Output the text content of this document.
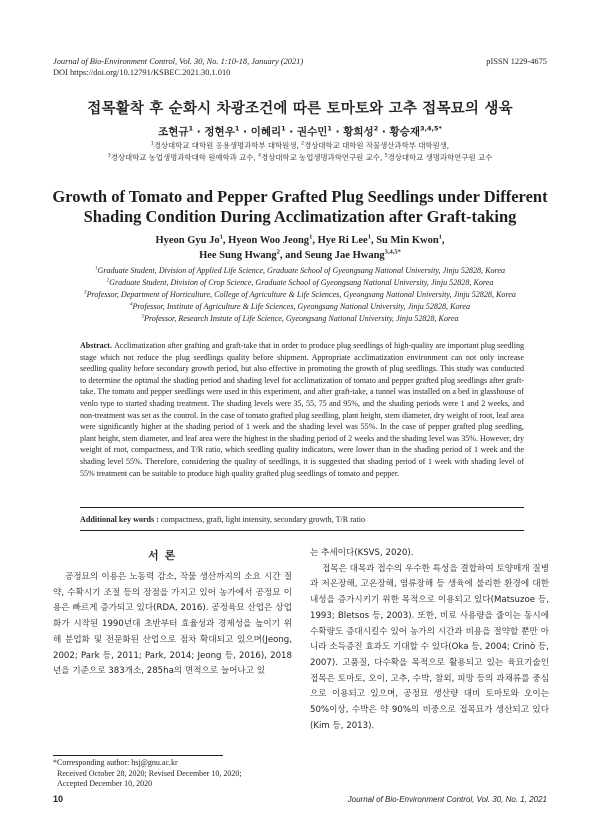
Journal of Bio-Environment Control, Vol. 30, No. 1:10-18, January (2021)
DOI https://doi.org/10.12791/KSBEC.2021.30.1.010
pISSN 1229-4675
접목활착 후 순화시 차광조건에 따른 토마토와 고추 접목묘의 생육
조현규$^1$ · 정현우$^1$ · 이혜리$^1$ · 권수민$^1$ · 황희성$^2$ · 황승재$^{3,4,5*}$
$^1$경상대학교 대학원 응용생명과학부 대학원생, $^2$경상대학교 대학원 작물생산과학부 대학원생,
$^3$경상대학교 농업생명과학대학 원예학과 교수, $^4$경상대학교 농업생명과학연구원 교수, $^5$경상대학교 생명과학연구원 교수
Growth of Tomato and Pepper Grafted Plug Seedlings under Different
Shading Condition During Acclimatization after Graft-taking
Hyeon Gyu Jo$^1$, Hyeon Woo Jeong$^1$, Hye Ri Lee$^1$, Su Min Kwon$^1$,
Hee Sung Hwang$^2$, and Seung Jae Hwang$^{3,4,5*}$
$^1$Graduate Student, Division of Applied Life Science, Graduate School of Gyeongsang National University, Jinju 52828, Korea
$^2$Graduate Student, Division of Crop Science, Graduate School of Gyeongsang National University, Jinju 52828, Korea
$^3$Professor, Department of Horticulture, College of Agriculture & Life Sciences, Gyeongsang National University, Jinju 52828, Korea
$^4$Professor, Institute of Agriculture & Life Sciences, Gyeongsang National University, Jinju 52828, Korea
$^5$Professor, Research Instute of Life Science, Gyeongsang National University, Jinju 52828, Korea
Abstract. Acclimatization after grafting and graft-take that in order to produce plug seedlings of high-quality are important plug seedling stage which not reduce the plug seedlings quality before shipment. Appropriate acclimatization environment can not only increase seedling quality before secondary growth period, but also effective in promoting the growth of plug seedlings. This study was conducted to determine the optimal the shading period and shading level for acclimatization of tomato and pepper grafted plug seedlings after graft-take. The tomato and pepper seedlings were used in this experiment, and after graft-take, a tunnel was installed on a bed in glasshouse of venlo type to started shading treatment. The shading levels were 35, 55, 75 and 95%, and the shading periods were 1 and 2 weeks, and non-treatment was set as the control. In the case of tomato grafted plug seedling, plant height, stem diameter, dry weight of root, leaf area were significantly higher at the shading period of 1 week and the shading level was 55%. In the case of pepper grafted plug seedling, plant height, stem diameter, and leaf area were the highest in the shading period of 2 weeks and the shading level was 35%. However, dry weight of root, compactness, and T/R ratio, which seedling quality indicators, were lower than in the shading period of 1 week and the shading level 55%. Therefore, considering the quality of seedlings, it is suggested that shading period of 1 week with shading level of 55% treatment can be suitable to produce high quality grafted plug seedlings of tomato and pepper.
Additional key words : compactness, graft, light intensity, secondary growth, T/R ratio
서론

공정묘의 이용은 노동력 감소, 작물 생산까지의 소요 시간 절약, 수확시기 조절 등의 장점을 가지고 있어 농가에서 공정묘 이용은 빠르게 증가되고 있다(RDA, 2016). 공정육묘 산업은 상업화가 시작된 1990년대 초반부터 효율성과 경제성을 높이기 위해 분업화 및 전문화된 산업으로 점차 확대되고 있으며(Jeong, 2002; Park 등, 2011; Park, 2014; Jeong 등, 2016), 2018년을 기준으로 383개소, 285ha의 면적으로 늘어나고 있

는 추세이다(KSVS, 2020).

접목은 대목과 접수의 우수한 특성을 결합하여 토양매개 질병과 저온장해, 고온장해, 염류장해 등 생육에 불리한 환경에 대한 내성을 증가시키기 위한 목적으로 이용되고 있다(Matsuzoe 등, 1993; Bletsos 등, 2003). 또한, 비료 사용량을 줄이는 동시에 수확량도 증대시킬수 있어 농가의 시간과 비용을 절약할 뿐만 아니라 소득증진 효과도 기대할 수 있다(Oka 등, 2004; Crinò 등, 2007). 고품질, 다수확을 목적으로 활용되고 있는 육묘기술인 접목은 토마토, 오이, 고추, 수박, 참외, 피망 등의 과채류를 중심으로 이용되고 있으며, 공정묘 생산량 대비 토마토와 오이는 50%이상, 수박은 약 90%의 비중으로 접목묘가 생산되고 있다(Kim 등, 2013).

*Corresponding author: hsj@gnu.ac.kr
Received October 28, 2020; Revised December 10, 2020;
Accepted December 10, 2020
10	Journal of Bio-Environment Control, Vol. 30, No. 1, 2021
